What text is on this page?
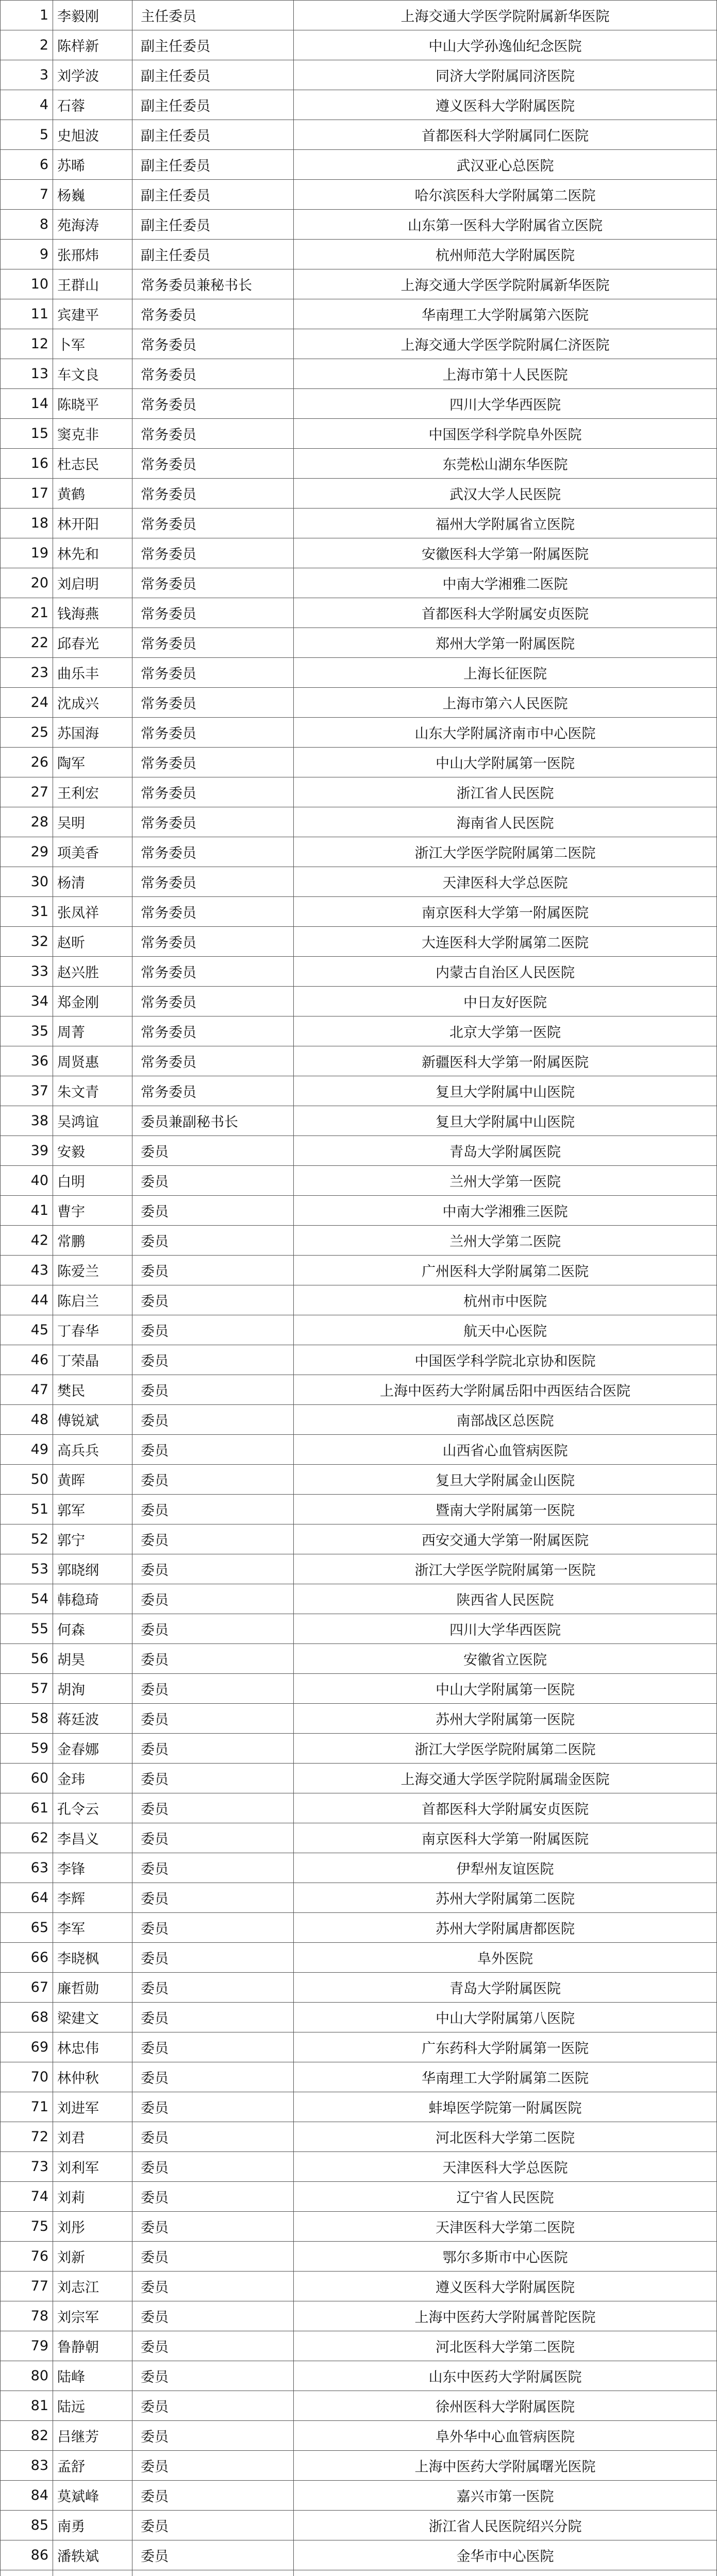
1	李毅刚	主任委员	上海交通大学医学院附属新华医院
2	陈样新	副主任委员	中山大学孙逸仙纪念医院
3	刘学波	副主任委员	同济大学附属同济医院
4	石蓉	副主任委员	遵义医科大学附属医院
5	史旭波	副主任委员	首都医科大学附属同仁医院
6	苏晞	副主任委员	武汉亚心总医院
7	杨巍	副主任委员	哈尔滨医科大学附属第二医院
8	苑海涛	副主任委员	山东第一医科大学附属省立医院
9	张邢炜	副主任委员	杭州师范大学附属医院
10	王群山	常务委员兼秘书长	上海交通大学医学院附属新华医院
11	宾建平	常务委员	华南理工大学附属第六医院
12	卜军	常务委员	上海交通大学医学院附属仁济医院
13	车文良	常务委员	上海市第十人民医院
14	陈晓平	常务委员	四川大学华西医院
15	窦克非	常务委员	中国医学科学院阜外医院
16	杜志民	常务委员	东莞松山湖东华医院
17	黄鹤	常务委员	武汉大学人民医院
18	林开阳	常务委员	福州大学附属省立医院
19	林先和	常务委员	安徽医科大学第一附属医院
20	刘启明	常务委员	中南大学湘雅二医院
21	钱海燕	常务委员	首都医科大学附属安贞医院
22	邱春光	常务委员	郑州大学第一附属医院
23	曲乐丰	常务委员	上海长征医院
24	沈成兴	常务委员	上海市第六人民医院
25	苏国海	常务委员	山东大学附属济南市中心医院
26	陶军	常务委员	中山大学附属第一医院
27	王利宏	常务委员	浙江省人民医院
28	吴明	常务委员	海南省人民医院
29	项美香	常务委员	浙江大学医学院附属第二医院
30	杨清	常务委员	天津医科大学总医院
31	张凤祥	常务委员	南京医科大学第一附属医院
32	赵昕	常务委员	大连医科大学附属第二医院
33	赵兴胜	常务委员	内蒙古自治区人民医院
34	郑金刚	常务委员	中日友好医院
35	周菁	常务委员	北京大学第一医院
36	周贤惠	常务委员	新疆医科大学第一附属医院
37	朱文青	常务委员	复旦大学附属中山医院
38	吴鸿谊	委员兼副秘书长	复旦大学附属中山医院
39	安毅	委员	青岛大学附属医院
40	白明	委员	兰州大学第一医院
41	曹宇	委员	中南大学湘雅三医院
42	常鹏	委员	兰州大学第二医院
43	陈爱兰	委员	广州医科大学附属第二医院
44	陈启兰	委员	杭州市中医院
45	丁春华	委员	航天中心医院
46	丁荣晶	委员	中国医学科学院北京协和医院
47	樊民	委员	上海中医药大学附属岳阳中西医结合医院
48	傅锐斌	委员	南部战区总医院
49	高兵兵	委员	山西省心血管病医院
50	黄晖	委员	复旦大学附属金山医院
51	郭军	委员	暨南大学附属第一医院
52	郭宁	委员	西安交通大学第一附属医院
53	郭晓纲	委员	浙江大学医学院附属第一医院
54	韩稳琦	委员	陕西省人民医院
55	何森	委员	四川大学华西医院
56	胡昊	委员	安徽省立医院
57	胡洵	委员	中山大学附属第一医院
58	蒋廷波	委员	苏州大学附属第一医院
59	金春娜	委员	浙江大学医学院附属第二医院
60	金玮	委员	上海交通大学医学院附属瑞金医院
61	孔令云	委员	首都医科大学附属安贞医院
62	李昌义	委员	南京医科大学第一附属医院
63	李锋	委员	伊犁州友谊医院
64	李辉	委员	苏州大学附属第二医院
65	李军	委员	苏州大学附属唐都医院
66	李晓枫	委员	阜外医院
67	廉哲勋	委员	青岛大学附属医院
68	梁建文	委员	中山大学附属第八医院
69	林忠伟	委员	广东药科大学附属第一医院
70	林仲秋	委员	华南理工大学附属第二医院
71	刘进军	委员	蚌埠医学院第一附属医院
72	刘君	委员	河北医科大学第二医院
73	刘利军	委员	天津医科大学总医院
74	刘莉	委员	辽宁省人民医院
75	刘彤	委员	天津医科大学第二医院
76	刘新	委员	鄂尔多斯市中心医院
77	刘志江	委员	遵义医科大学附属医院
78	刘宗军	委员	上海中医药大学附属普陀医院
79	鲁静朝	委员	河北医科大学第二医院
80	陆峰	委员	山东中医药大学附属医院
81	陆远	委员	徐州医科大学附属医院
82	吕继芳	委员	阜外华中心血管病医院
83	孟舒	委员	上海中医药大学附属曙光医院
84	莫斌峰	委员	嘉兴市第一医院
85	南勇	委员	浙江省人民医院绍兴分院
86	潘轶斌	委员	金华市中心医院
